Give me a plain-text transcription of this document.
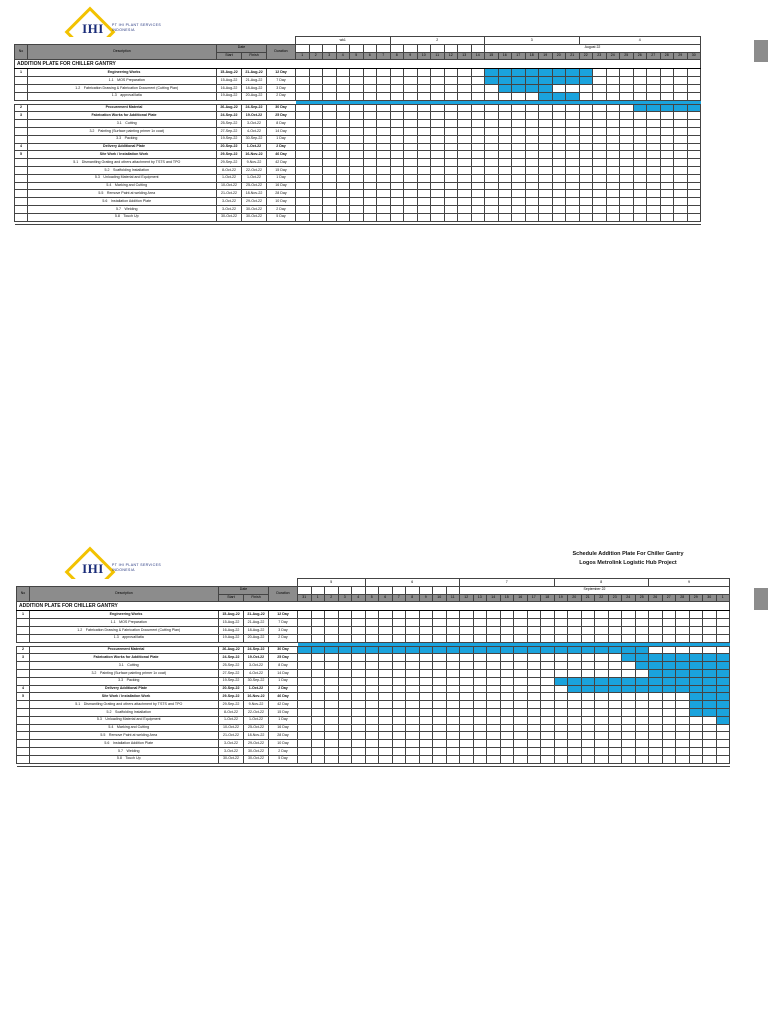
IHI	PT IHI PLANT SERVICES INDONESIA
					wk1							2							3							4								
No	Description	Date		Duration															August 22															
		Start	Finish		1	2	3	4	5	6	7	8	9	10	11	12	13	14	15	16	17	18	19	20	21	22	23	24	25	26	27	28	29	30
ADDITION PLATE FOR CHILLER GANTRY																																		
1	Engineering Works	15-Aug-22	21-Aug-22	12 Day																														
	1.1 MOS Preparation	15-Aug-22	21-Aug-22	7 Day																														
	1.2 Fabrication Drawing & Fabrication Document (Cutting Plan)	16-Aug-22	18-Aug-22	3 Day																														
	1.3 approval/Iatia	19-Aug-22	20-Aug-22	2 Day																														

2	Procurement Material	26-Aug-22	24-Sep-22	30 Day																														
3	Fabrication Works for Additional Plate	24-Sep-22	19-Oct-22	25 Day																														
	3.1 Cutting	25-Sep-22	3-Oct-22	8 Day																														
	3.2 Painting (Surface painting primer 1x coat)	27-Sep-22	4-Oct-22	14 Day																														
	3.3 Packing	19-Sep-22	30-Sep-22	1 Day																														
4	Delivery Additional Plate	20-Sep-22	1-Oct-22	2 Day																														
5	Site Work / Installation Work	29-Sep-22	16-Nov-22	46 Day																														
	5.1 Dismantling Grating and others attachment by TSTS and TPO	29-Sep-22	9-Nov-22	42 Day																														
	5.2 Scaffolding Installation	8-Oct-22	22-Oct-22	15 Day																														
	5.3 Unloading Material and Equipment	1-Oct-22	1-Oct-22	1 Day																														
	5.4 Marking and Cutting	10-Oct-22	25-Oct-22	16 Day																														
	5.5 Remove Paint at welding Area	21-Oct-22	18-Nov-22	28 Day																														
	5.6 Installation Addition Plate	3-Oct-22	29-Oct-22	10 Day																														
	5.7 Welding	3-Oct-22	30-Oct-22	2 Day																														
	5.8 Touch Up	30-Oct-22	30-Oct-22	5 Day																														

IHI	PT IHI PLANT SERVICES INDONESIA
Schedule Addition Plate For Chiller Gantry
Logos Metrolink Logistic Hub Project
					5					6							7							8							9					
No	Description	Date		Duration													September 22																			
		Start	Finish		31	1	2	3	4	5	6	7	8	9	10	11	12	13	14	15	16	17	18	19	20	21	22	23	24	25	26	27	28	29	30	1
ADDITION PLATE FOR CHILLER GANTRY																																				
1	Engineering Works	15-Aug-22	21-Aug-22	12 Day																																
	1.1 MOS Preparation	15-Aug-22	21-Aug-22	7 Day																																
	1.2 Fabrication Drawing & Fabrication Document (Cutting Plan)	16-Aug-22	18-Aug-22	3 Day																																
	1.3 approval/Iatia	19-Aug-22	20-Aug-22	2 Day																																

2	Procurement Material	26-Aug-22	24-Sep-22	30 Day																																
3	Fabrication Works for Additional Plate	24-Sep-22	19-Oct-22	25 Day																																
	3.1 Cutting	25-Sep-22	3-Oct-22	8 Day																																
	3.2 Painting (Surface painting primer 1x coat)	27-Sep-22	4-Oct-22	14 Day																																
	3.3 Packing	19-Sep-22	30-Sep-22	1 Day																																
4	Delivery Additional Plate	20-Sep-22	1-Oct-22	2 Day																																
5	Site Work / Installation Work	29-Sep-22	16-Nov-22	46 Day																																
	5.1 Dismantling Grating and others attachment by TSTS and TPO	29-Sep-22	9-Nov-22	42 Day																																
	5.2 Scaffolding Installation	8-Oct-22	22-Oct-22	15 Day																																
	5.3 Unloading Material and Equipment	1-Oct-22	1-Oct-22	1 Day																																
	5.4 Marking and Cutting	10-Oct-22	25-Oct-22	16 Day																																
	5.5 Remove Paint at welding Area	21-Oct-22	18-Nov-22	28 Day																																
	5.6 Installation Addition Plate	3-Oct-22	29-Oct-22	10 Day																																
	5.7 Welding	3-Oct-22	30-Oct-22	2 Day																																
	5.8 Touch Up	30-Oct-22	30-Oct-22	5 Day																																
